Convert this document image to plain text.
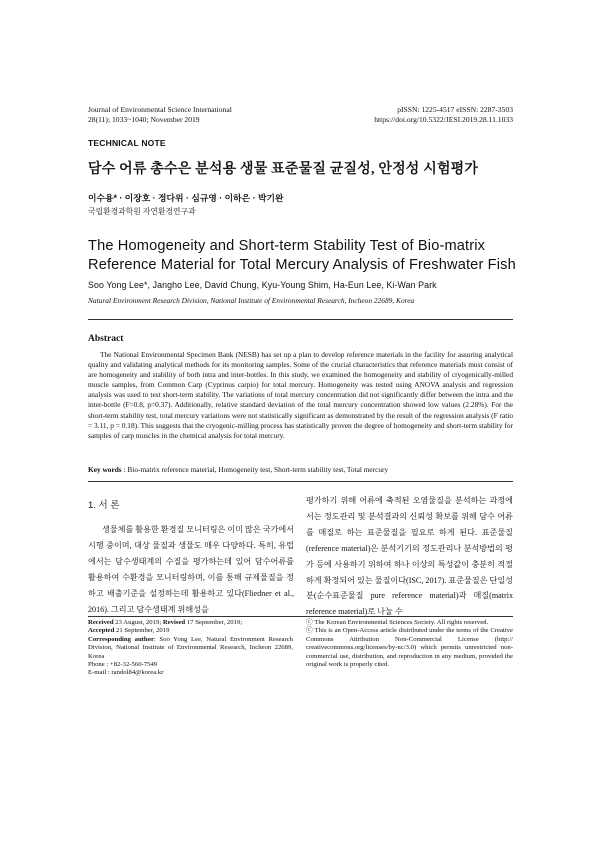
Journal of Environmental Science International
28(11); 1033~1040; November 2019
pISSN: 1225-4517 eISSN: 2287-3503
https://doi.org/10.5322/JESI.2019.28.11.1033
TECHNICAL NOTE
담수 어류 총수은 분석용 생물 표준물질 균질성, 안정성 시험평가
이수용* · 이장호 · 정다위 · 심규영 · 이하은 · 박기완
국립환경과학원 자연환경연구과
The Homogeneity and Short-term Stability Test of Bio-matrix
Reference Material for Total Mercury Analysis of Freshwater Fish
Soo Yong Lee*, Jangho Lee, David Chung, Kyu-Young Shim, Ha-Eun Lee, Ki-Wan Park
Natural Environment Research Division, National Institute of Environmental Research, Incheon 22689, Korea
Abstract

The National Environmental Specimen Bank (NESB) has set up a plan to develop reference materials in the facility for assuring analytical quality and validating analytical methods for its monitoring samples. Some of the crucial characteristics that reference materials must consist of are homogeneity and stability of both intra and inter-bottles. In this study, we examined the homogeneity and stability of cryogenically-milled muscle samples, from Common Carp (Cyprinus carpio) for total mercury. Homogeneity was tested using ANOVA analysis and regression analysis was used to test short-term stability. The variations of total mercury concentration did not significantly differ between the intra and the inter-bottle (F=0.8, p=0.37). Additionally, relative standard deviation of the total mercury concentration showed low values (2.28%). For the short-term stability test, total mercury variations were not statistically significant as demonstrated by the result of the regression analysis (F ratio = 3.11, p = 0.18). This suggests that the cryogenic-milling process has statistically proven the degree of homogeneity and short-term stability for samples of carp muscles in the chemical analysis for total mercury.

Key words : Bio-matrix reference material, Homogeneity test, Short-term stability test, Total mercury
1. 서 론

생물체를 활용한 환경질 모니터링은 이미 많은 국가에서 시행 중이며, 대상 물질과 생물도 매우 다양하다. 특히, 유럽에서는 담수생태계의 수질을 평가하는데 있어 담수어류를 활용하여 수환경을 모니터링하며, 이를 통해 규제물질을 정하고 배출기준을 설정하는데 활용하고 있다(Fliedner et al., 2016). 그리고 담수생태계 위해성을

평가하기 위해 어류에 축적된 오염물질을 분석하는 과정에서는 정도관리 및 분석결과의 신뢰성 확보를 위해 담수 어류를 매질로 하는 표준물질을 필요로 하게 된다. 표준물질(reference material)은 분석기기의 정도관리나 분석방법의 평가 등에 사용하기 위하여 하나 이상의 특성값이 충분히 적절하게 확정되어 있는 물질이다(ISC, 2017). 표준물질은 단일성분(순수표준물질 pure reference material)과 매질(matrix reference material)로 나눌 수

Received 23 August, 2019; Revised 17 September, 2019;
Accepted 21 September, 2019
Corresponding author: Soo Yong Lee, Natural Environment Research Division, National Institute of Environmental Research, Incheon 22689, Korea
Phone : +82-32-560-7549
E-mail : randol84@korea.kr
ⓒ The Korean Environmental Sciences Society. All rights reserved.
ⓒ This is an Open-Access article distributed under the terms of the Creative Commons Attribution Non-Commercial License (http:// creativecommons.org/licenses/by-nc/3.0) which permits unrestricted non-commercial use, distribution, and reproduction in any medium, provided the original work is properly cited.
